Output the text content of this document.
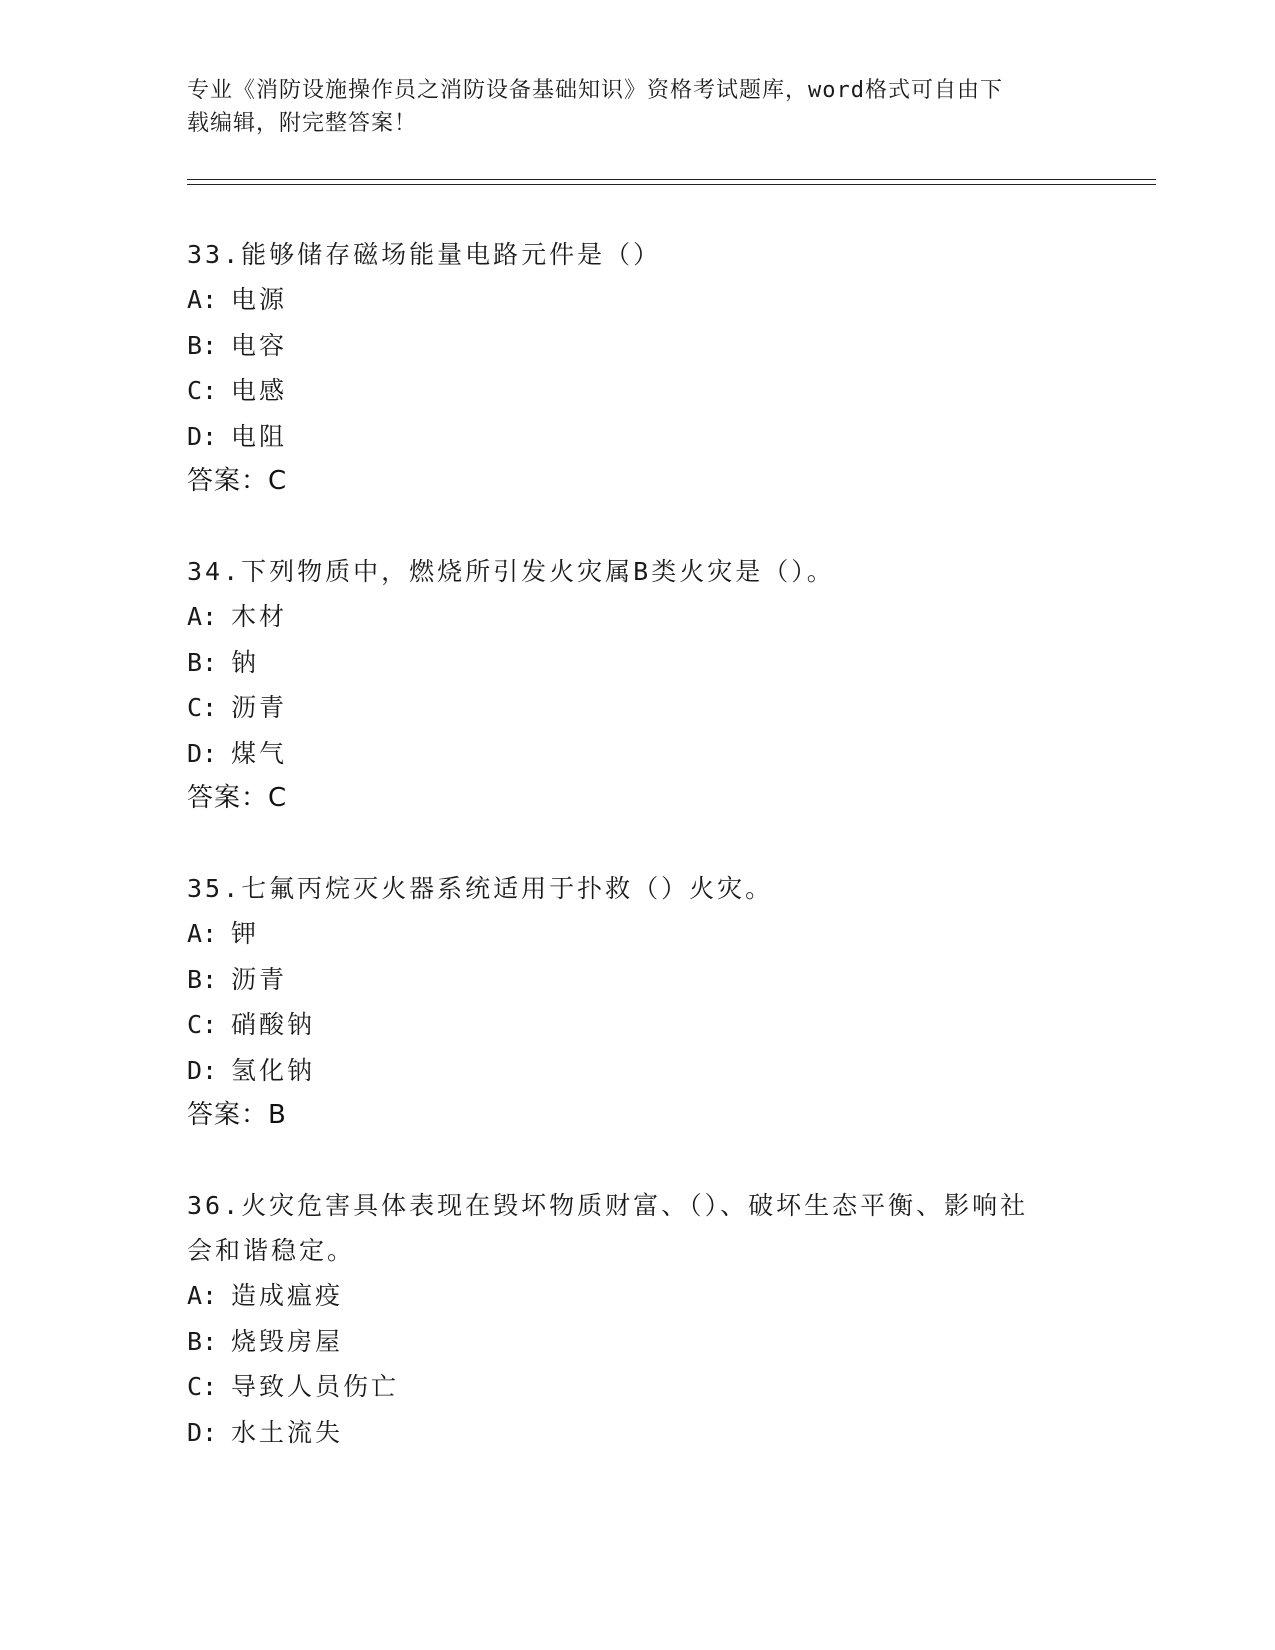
专业《消防设施操作员之消防设备基础知识》资格考试题库，word格式可自由下
载编辑，附完整答案！
33.能够储存磁场能量电路元件是（）
A: 电源
B: 电容
C: 电感
D: 电阻
答案：C
34.下列物质中，燃烧所引发火灾属B类火灾是（）。
A: 木材
B: 钠
C: 沥青
D: 煤气
答案：C
35.七氟丙烷灭火器系统适用于扑救（）火灾。
A: 钾
B: 沥青
C: 硝酸钠
D: 氢化钠
答案：B
36.火灾危害具体表现在毁坏物质财富、（）、破坏生态平衡、影响社
会和谐稳定。
A: 造成瘟疫
B: 烧毁房屋
C: 导致人员伤亡
D: 水土流失
